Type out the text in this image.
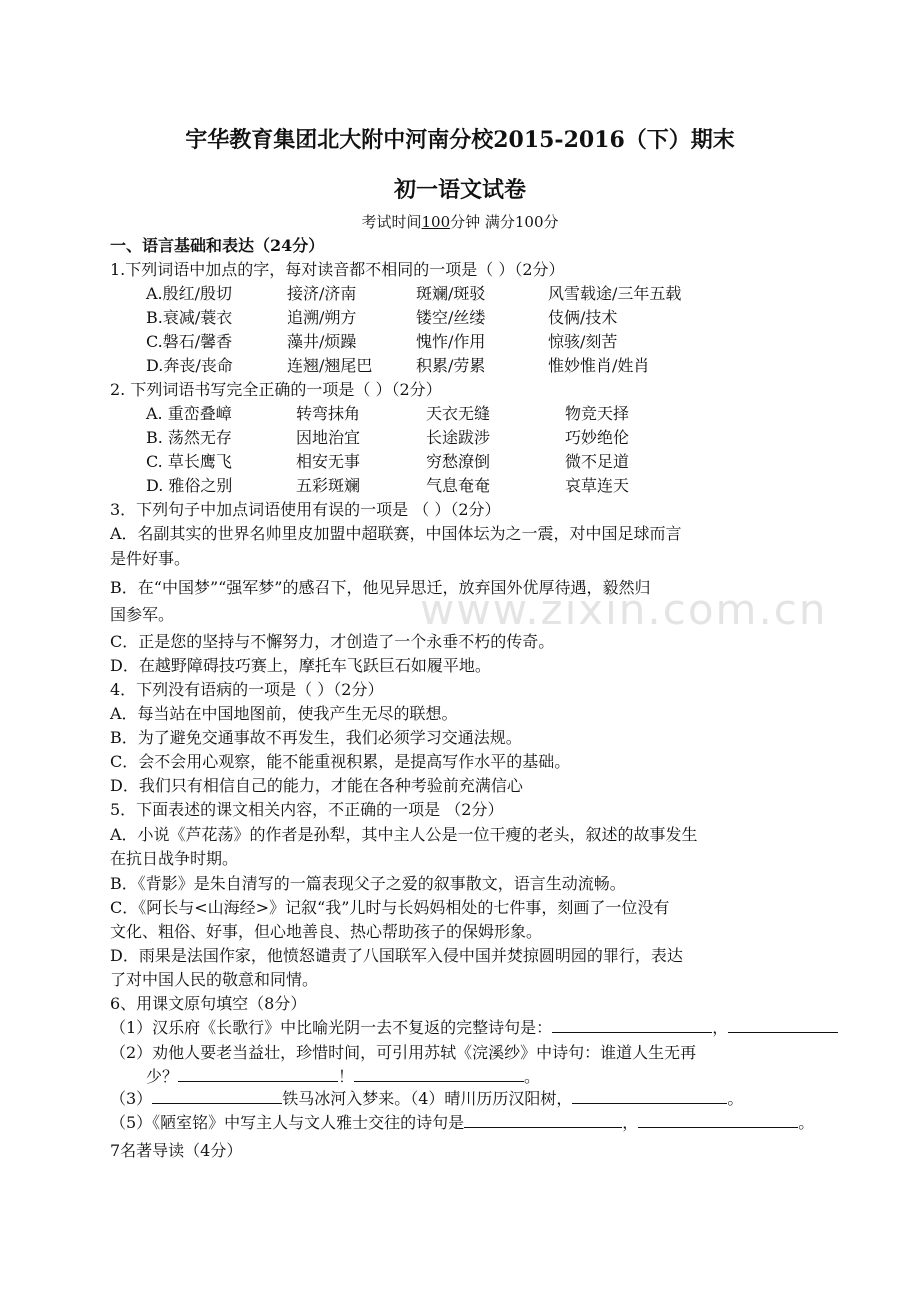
www.zixin.com.cn
宇华教育集团北大附中河南分校2015-2016（下）期末
初一语文试卷
考试时间100分钟 满分100分
一、语言基础和表达（24分）
1.下列词语中加点的字，每对读音都不相同的一项是（ ）（2分）
A.殷红/殷切	接济/济南	斑斓/斑驳	风雪载途/三年五载
B.衰减/蓑衣	追溯/朔方	镂空/丝缕	伎俩/技术
C.磐石/馨香	藻井/烦躁	愧怍/作用	惊骇/刻苦
D.奔丧/丧命	连翘/翘尾巴	积累/劳累	惟妙惟肖/姓肖
2. 下列词语书写完全正确的一项是（ ）（2分）
A. 重峦叠嶂	转弯抹角	天衣无缝	物竞天择
B. 荡然无存	因地治宜	长途跋涉	巧妙绝伦
C. 草长鹰飞	相安无事	穷愁潦倒	微不足道
D. 雅俗之别	五彩斑斓	气息奄奄	哀草连天
3．下列句子中加点词语使用有误的一项是 （ ）（2分）
A．名副其实的世界名帅里皮加盟中超联赛，中国体坛为之一震，对中国足球而言
是件好事。
B．在“中国梦”“强军梦”的感召下，他见异思迁，放弃国外优厚待遇，毅然归
国参军。
C．正是您的坚持与不懈努力，才创造了一个永垂不朽的传奇。
D．在越野障碍技巧赛上，摩托车飞跃巨石如履平地。
4．下列没有语病的一项是（ ）（2分）
A．每当站在中国地图前，使我产生无尽的联想。
B．为了避免交通事故不再发生，我们必须学习交通法规。
C．会不会用心观察，能不能重视积累，是提高写作水平的基础。
D．我们只有相信自己的能力，才能在各种考验前充满信心
5．下面表述的课文相关内容，不正确的一项是 （2分）
A．小说《芦花荡》的作者是孙犁，其中主人公是一位干瘦的老头，叙述的故事发生
在抗日战争时期。
B．《背影》是朱自清写的一篇表现父子之爱的叙事散文，语言生动流畅。
C．《阿长与<山海经>》记叙“我”儿时与长妈妈相处的七件事，刻画了一位没有
文化、粗俗、好事，但心地善良、热心帮助孩子的保姆形象。
D．雨果是法国作家，他愤怒谴责了八国联军入侵中国并焚掠圆明园的罪行，表达
了对中国人民的敬意和同情。
6、用课文原句填空（8分）
（1）汉乐府《长歌行》中比喻光阴一去不复返的完整诗句是：	，
（2）劝他人要老当益壮，珍惜时间，可引用苏轼《浣溪纱》中诗句：谁道人生无再
少？	！	。
（3）	铁马冰河入梦来。（4）晴川历历汉阳树，	。
（5）《陋室铭》中写主人与文人雅士交往的诗句是	，	。
7名著导读（4分）
